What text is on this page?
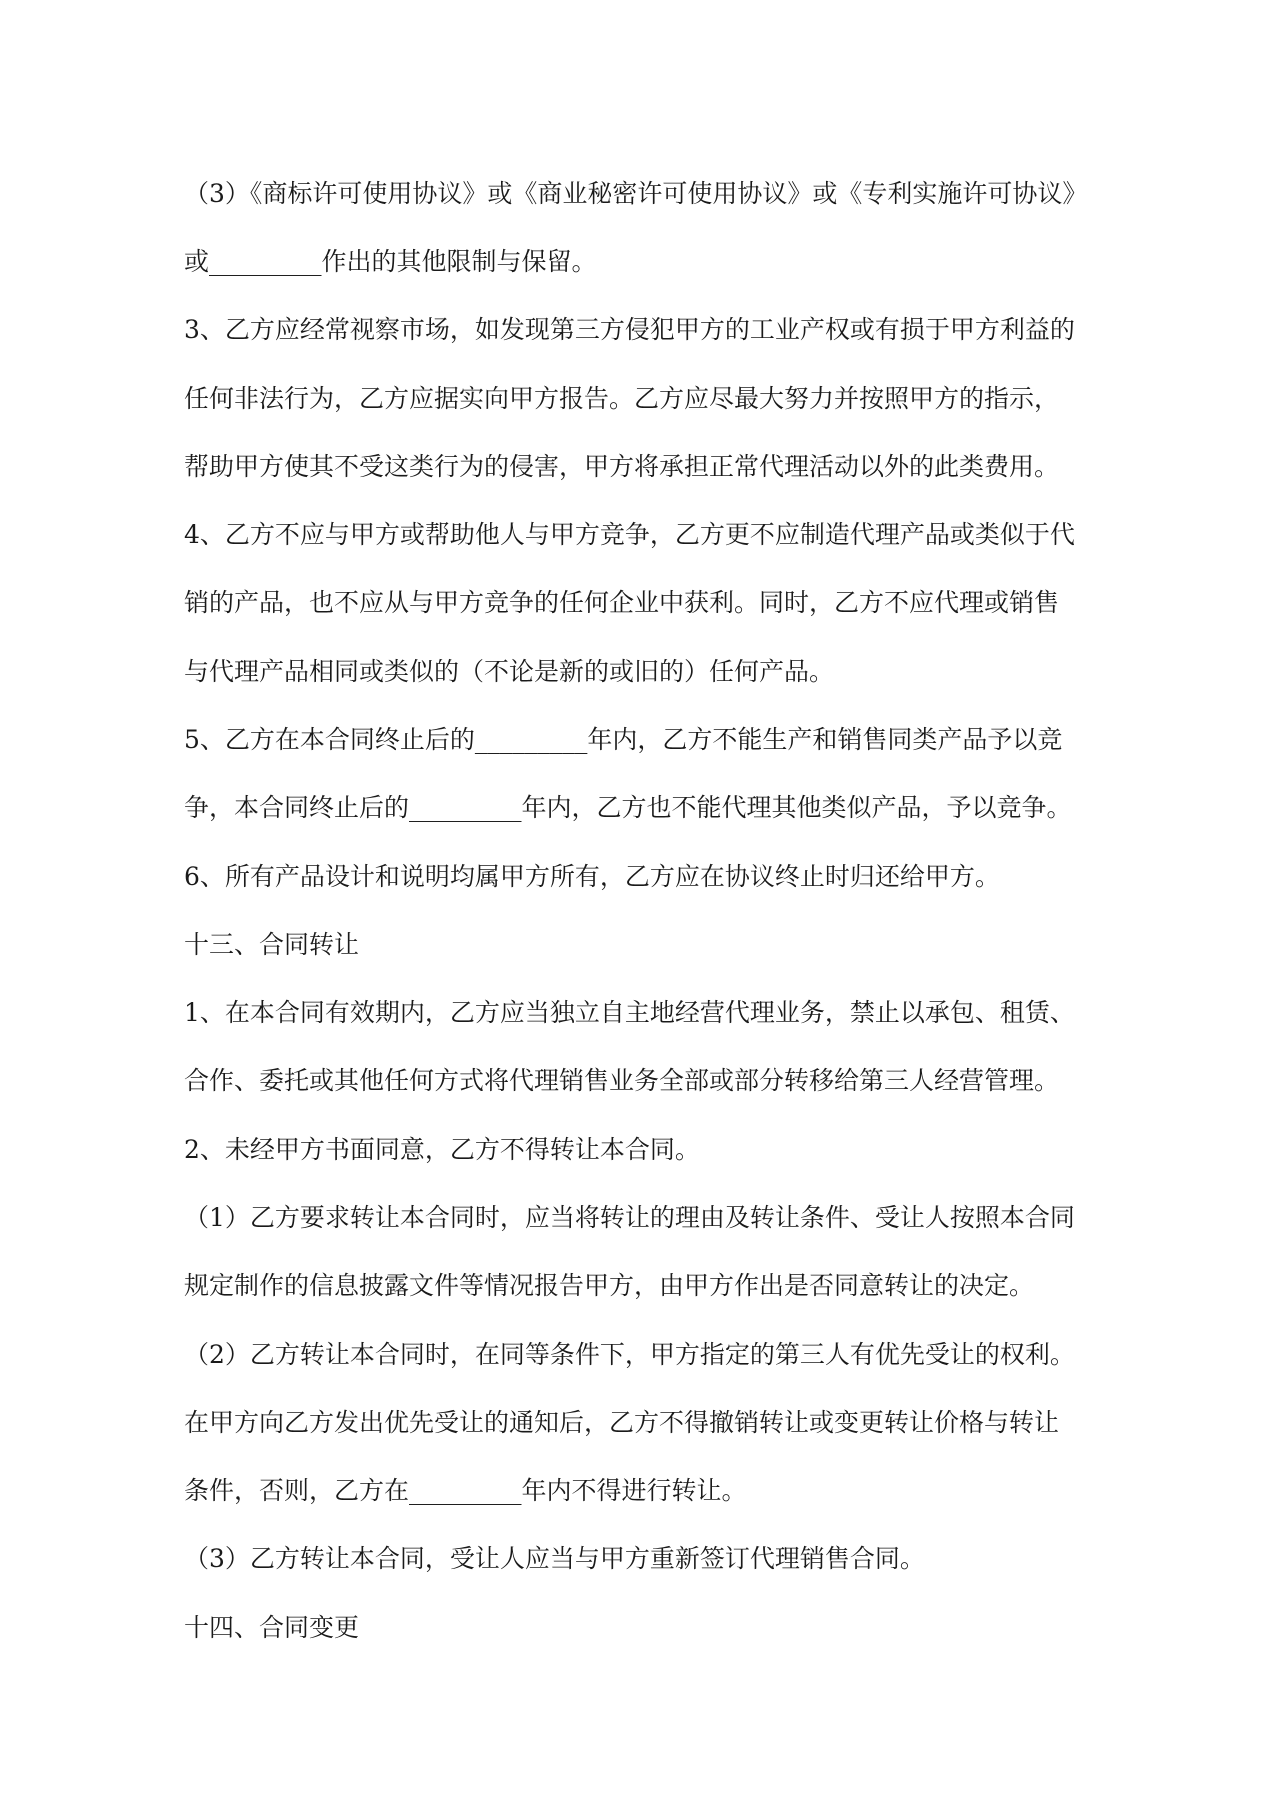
（3）《商标许可使用协议》或《商业秘密许可使用协议》或《专利实施许可协议》

或_________作出的其他限制与保留。

3、乙方应经常视察市场，如发现第三方侵犯甲方的工业产权或有损于甲方利益的

任何非法行为，乙方应据实向甲方报告。乙方应尽最大努力并按照甲方的指示，

帮助甲方使其不受这类行为的侵害，甲方将承担正常代理活动以外的此类费用。

4、乙方不应与甲方或帮助他人与甲方竞争，乙方更不应制造代理产品或类似于代

销的产品，也不应从与甲方竞争的任何企业中获利。同时，乙方不应代理或销售

与代理产品相同或类似的（不论是新的或旧的）任何产品。

5、乙方在本合同终止后的_________年内，乙方不能生产和销售同类产品予以竞

争，本合同终止后的_________年内，乙方也不能代理其他类似产品，予以竞争。

6、所有产品设计和说明均属甲方所有，乙方应在协议终止时归还给甲方。

十三、合同转让

1、在本合同有效期内，乙方应当独立自主地经营代理业务，禁止以承包、租赁、

合作、委托或其他任何方式将代理销售业务全部或部分转移给第三人经营管理。

2、未经甲方书面同意，乙方不得转让本合同。

（1）乙方要求转让本合同时，应当将转让的理由及转让条件、受让人按照本合同

规定制作的信息披露文件等情况报告甲方，由甲方作出是否同意转让的决定。

（2）乙方转让本合同时，在同等条件下，甲方指定的第三人有优先受让的权利。

在甲方向乙方发出优先受让的通知后，乙方不得撤销转让或变更转让价格与转让

条件，否则，乙方在_________年内不得进行转让。

（3）乙方转让本合同，受让人应当与甲方重新签订代理销售合同。

十四、合同变更
